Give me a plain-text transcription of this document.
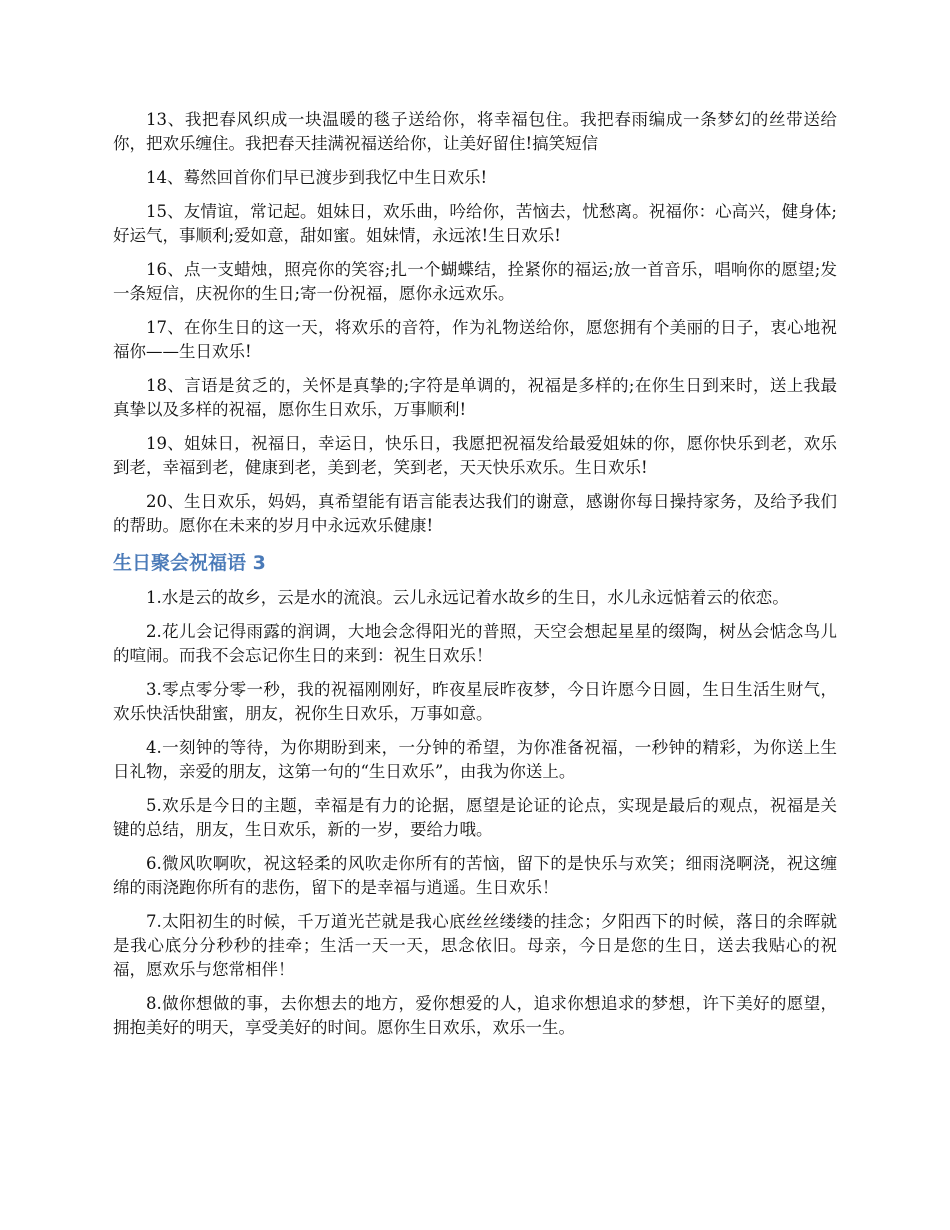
13、我把春风织成一块温暖的毯子送给你，将幸福包住。我把春雨编成一条梦幻的丝带送给你，把欢乐缠住。我把春天挂满祝福送给你，让美好留住!搞笑短信

14、蓦然回首你们早已渡步到我忆中生日欢乐!

15、友情谊，常记起。姐妹日，欢乐曲，吟给你，苦恼去，忧愁离。祝福你：心高兴，健身体;好运气，事顺利;爱如意，甜如蜜。姐妹情，永远浓!生日欢乐!

16、点一支蜡烛，照亮你的笑容;扎一个蝴蝶结，拴紧你的福运;放一首音乐，唱响你的愿望;发一条短信，庆祝你的生日;寄一份祝福，愿你永远欢乐。

17、在你生日的这一天，将欢乐的音符，作为礼物送给你，愿您拥有个美丽的日子，衷心地祝福你——生日欢乐!

18、言语是贫乏的，关怀是真挚的;字符是单调的，祝福是多样的;在你生日到来时，送上我最真挚以及多样的祝福，愿你生日欢乐，万事顺利!

19、姐妹日，祝福日，幸运日，快乐日，我愿把祝福发给最爱姐妹的你，愿你快乐到老，欢乐到老，幸福到老，健康到老，美到老，笑到老，天天快乐欢乐。生日欢乐!

20、生日欢乐，妈妈，真希望能有语言能表达我们的谢意，感谢你每日操持家务，及给予我们的帮助。愿你在未来的岁月中永远欢乐健康!

生日聚会祝福语 3

1.水是云的故乡，云是水的流浪。云儿永远记着水故乡的生日，水儿永远惦着云的依恋。

2.花儿会记得雨露的润调，大地会念得阳光的普照，天空会想起星星的缀陶，树丛会惦念鸟儿的喧闹。而我不会忘记你生日的来到：祝生日欢乐！

3.零点零分零一秒，我的祝福刚刚好，昨夜星辰昨夜梦，今日许愿今日圆，生日生活生财气，欢乐快活快甜蜜，朋友，祝你生日欢乐，万事如意。

4.一刻钟的等待，为你期盼到来，一分钟的希望，为你准备祝福，一秒钟的精彩，为你送上生日礼物，亲爱的朋友，这第一句的“生日欢乐”，由我为你送上。

5.欢乐是今日的主题，幸福是有力的论据，愿望是论证的论点，实现是最后的观点，祝福是关键的总结，朋友，生日欢乐，新的一岁，要给力哦。

6.微风吹啊吹，祝这轻柔的风吹走你所有的苦恼，留下的是快乐与欢笑；细雨浇啊浇，祝这缠绵的雨浇跑你所有的悲伤，留下的是幸福与逍遥。生日欢乐！

7.太阳初生的时候，千万道光芒就是我心底丝丝缕缕的挂念；夕阳西下的时候，落日的余晖就是我心底分分秒秒的挂牵；生活一天一天，思念依旧。母亲，今日是您的生日，送去我贴心的祝福，愿欢乐与您常相伴！

8.做你想做的事，去你想去的地方，爱你想爱的人，追求你想追求的梦想，许下美好的愿望，拥抱美好的明天，享受美好的时间。愿你生日欢乐，欢乐一生。
